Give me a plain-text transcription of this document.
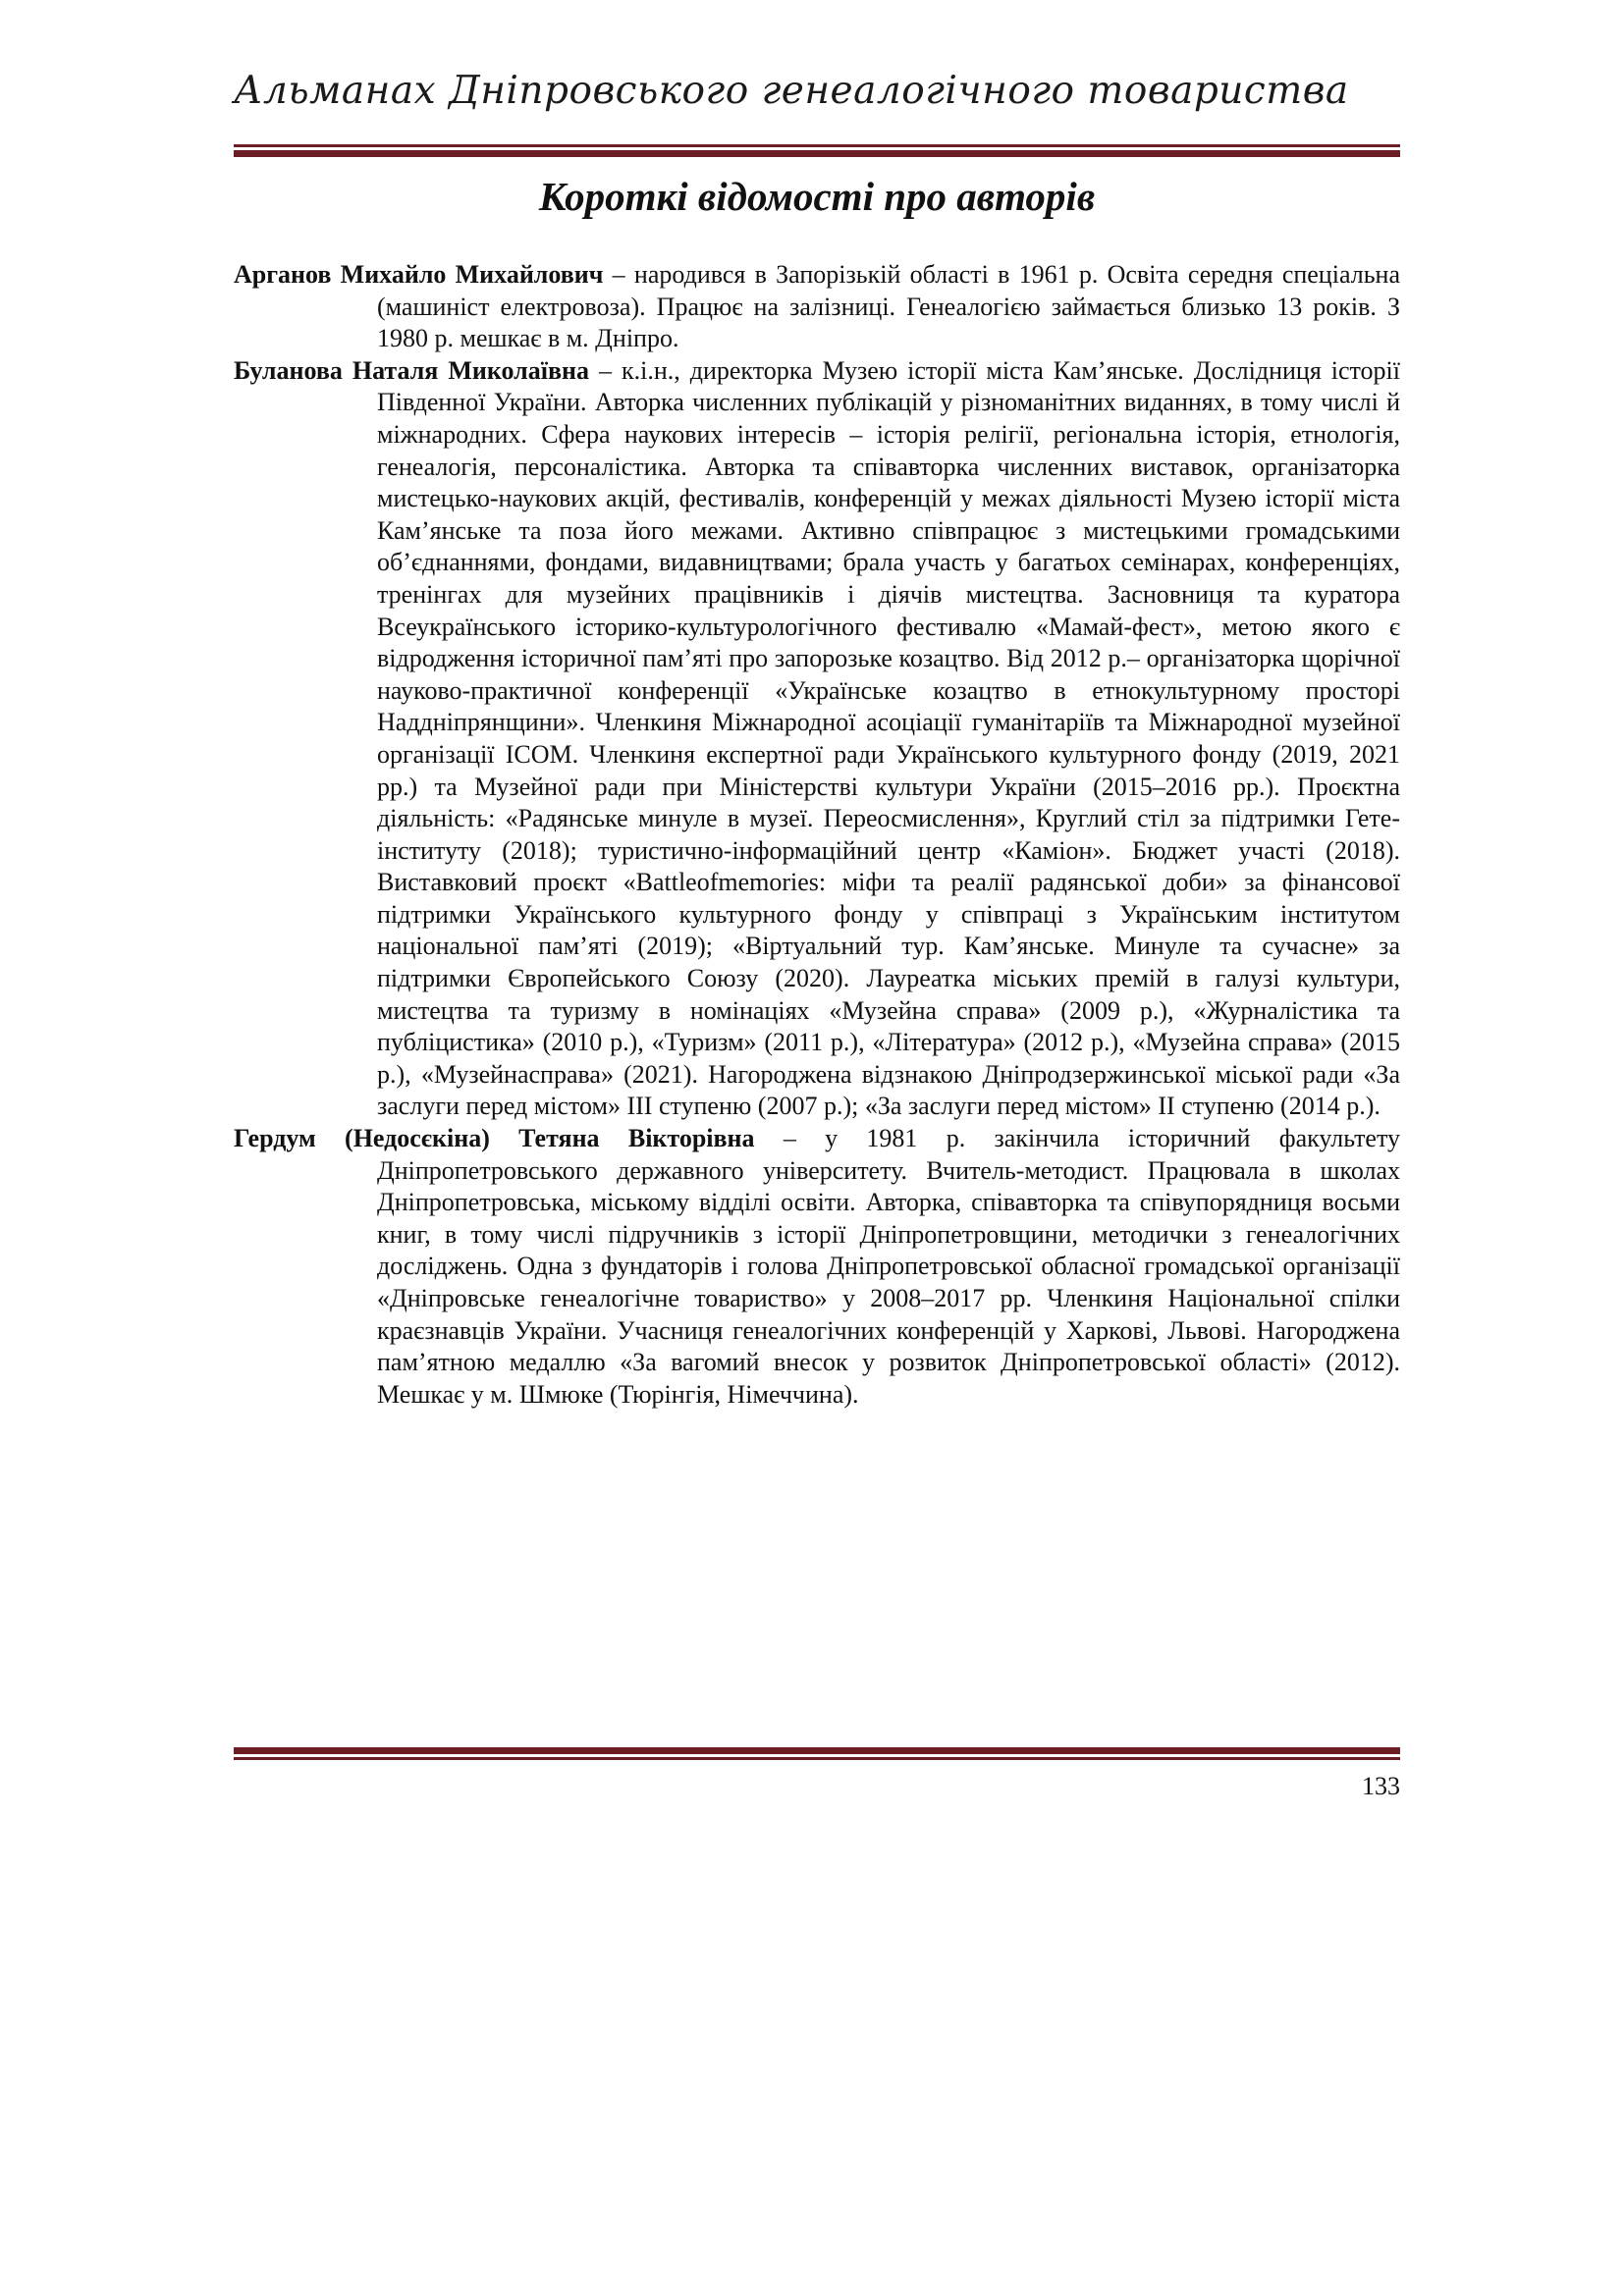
Альманах Дніпровського генеалогічного товариства
Короткі відомості про авторів

Арганов Михайло Михайлович – народився в Запорізькій області в 1961 р. Освіта середня спеціальна (машиніст електровоза). Працює на залізниці. Генеалогією займається близько 13 років. З 1980 р. мешкає в м. Дніпро.

Буланова Наталя Миколаївна – к.і.н., директорка Музею історії міста Кам’янське. Дослідниця історії Південної України. Авторка численних публікацій у різноманітних виданнях, в тому числі й міжнародних. Сфера наукових інтересів – історія релігії, регіональна історія, етнологія, генеалогія, персоналістика. Авторка та співавторка численних виставок, організаторка мистецько-наукових акцій, фестивалів, конференцій у межах діяльності Музею історії міста Кам’янське та поза його межами. Активно співпрацює з мистецькими громадськими об’єднаннями, фондами, видавництвами; брала участь у багатьох семінарах, конференціях, тренінгах для музейних працівників і діячів мистецтва. Засновниця та куратора Всеукраїнського історико-культурологічного фестивалю «Мамай-фест», метою якого є відродження історичної пам’яті про запорозьке козацтво. Від 2012 р.– організаторка щорічної науково-практичної конференції «Українське козацтво в етнокультурному просторі Наддніпрянщини». Членкиня Міжнародної асоціації гуманітаріїв та Міжнародної музейної організації ICOM. Членкиня експертної ради Українського культурного фонду (2019, 2021 рр.) та Музейної ради при Міністерстві культури України (2015–2016 рр.). Проєктна діяльність: «Радянське минуле в музеї. Переосмислення», Круглий стіл за підтримки Гете-інституту (2018); туристично-інформаційний центр «Каміон». Бюджет участі (2018). Виставковий проєкт «Battleofmemories: міфи та реалії радянської доби» за фінансової підтримки Українського культурного фонду у співпраці з Українським інститутом національної пам’яті (2019); «Віртуальний тур. Кам’янське. Минуле та сучасне» за підтримки Європейського Союзу (2020). Лауреатка міських премій в галузі культури, мистецтва та туризму в номінаціях «Музейна справа» (2009 р.), «Журналістика та публіцистика» (2010 р.), «Туризм» (2011 р.), «Література» (2012 р.), «Музейна справа» (2015 р.), «Музейнасправа» (2021). Нагороджена відзнакою Дніпродзержинської міської ради «За заслуги перед містом» ІІІ ступеню (2007 р.); «За заслуги перед містом» ІІ ступеню (2014 р.).

Гердум (Недосєкіна) Тетяна Вікторівна – у 1981 р. закінчила історичний факультету Дніпропетровського державного університету. Вчитель-методист. Працювала в школах Дніпропетровська, міському відділі освіти. Авторка, співавторка та співупорядниця восьми книг, в тому числі підручників з історії Дніпропетровщини, методички з генеалогічних досліджень. Одна з фундаторів і голова Дніпропетровської обласної громадської організації «Дніпровське генеалогічне товариство» у 2008–2017 рр. Членкиня Національної спілки краєзнавців України. Учасниця генеалогічних конференцій у Харкові, Львові. Нагороджена пам’ятною медаллю «За вагомий внесок у розвиток Дніпропетровської області» (2012). Мешкає у м. Шмюке (Тюрінгія, Німеччина).

133
